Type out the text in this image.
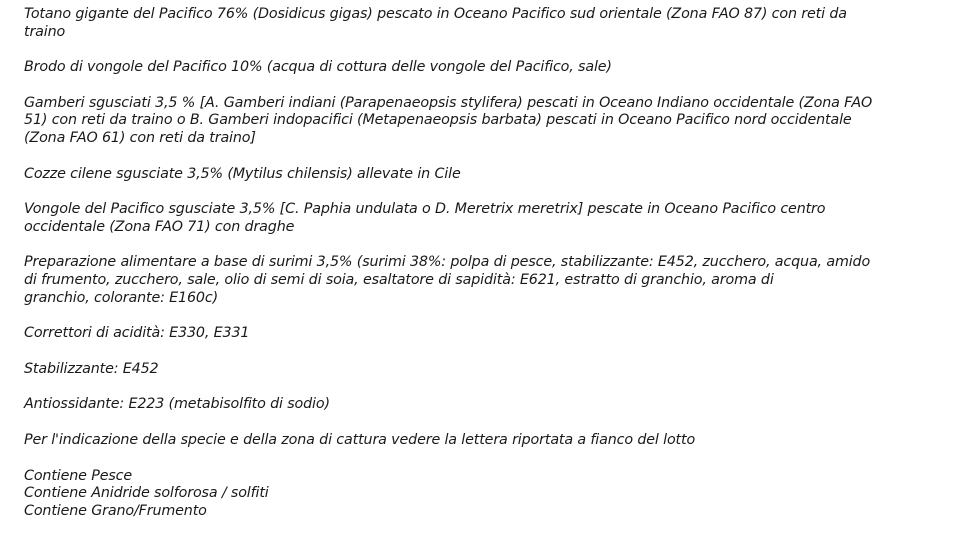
Totano gigante del Pacifico 76% (Dosidicus gigas) pescato in Oceano Pacifico sud orientale (Zona FAO 87) con reti da
traino

Brodo di vongole del Pacifico 10% (acqua di cottura delle vongole del Pacifico, sale)

Gamberi sgusciati 3,5 % [A. Gamberi indiani (Parapenaeopsis stylifera) pescati in Oceano Indiano occidentale (Zona FAO
51) con reti da traino o B. Gamberi indopacifici (Metapenaeopsis barbata) pescati in Oceano Pacifico nord occidentale
(Zona FAO 61) con reti da traino]

Cozze cilene sgusciate 3,5% (Mytilus chilensis) allevate in Cile

Vongole del Pacifico sgusciate 3,5% [C. Paphia undulata o D. Meretrix meretrix] pescate in Oceano Pacifico centro
occidentale (Zona FAO 71) con draghe

Preparazione alimentare a base di surimi 3,5% (surimi 38%: polpa di pesce, stabilizzante: E452, zucchero, acqua, amido
di frumento, zucchero, sale, olio di semi di soia, esaltatore di sapidità: E621, estratto di granchio, aroma di
granchio, colorante: E160c)

Correttori di acidità: E330, E331

Stabilizzante: E452

Antiossidante: E223 (metabisolfito di sodio)

Per l'indicazione della specie e della zona di cattura vedere la lettera riportata a fianco del lotto

Contiene Pesce
Contiene Anidride solforosa / solfiti
Contiene Grano/Frumento
